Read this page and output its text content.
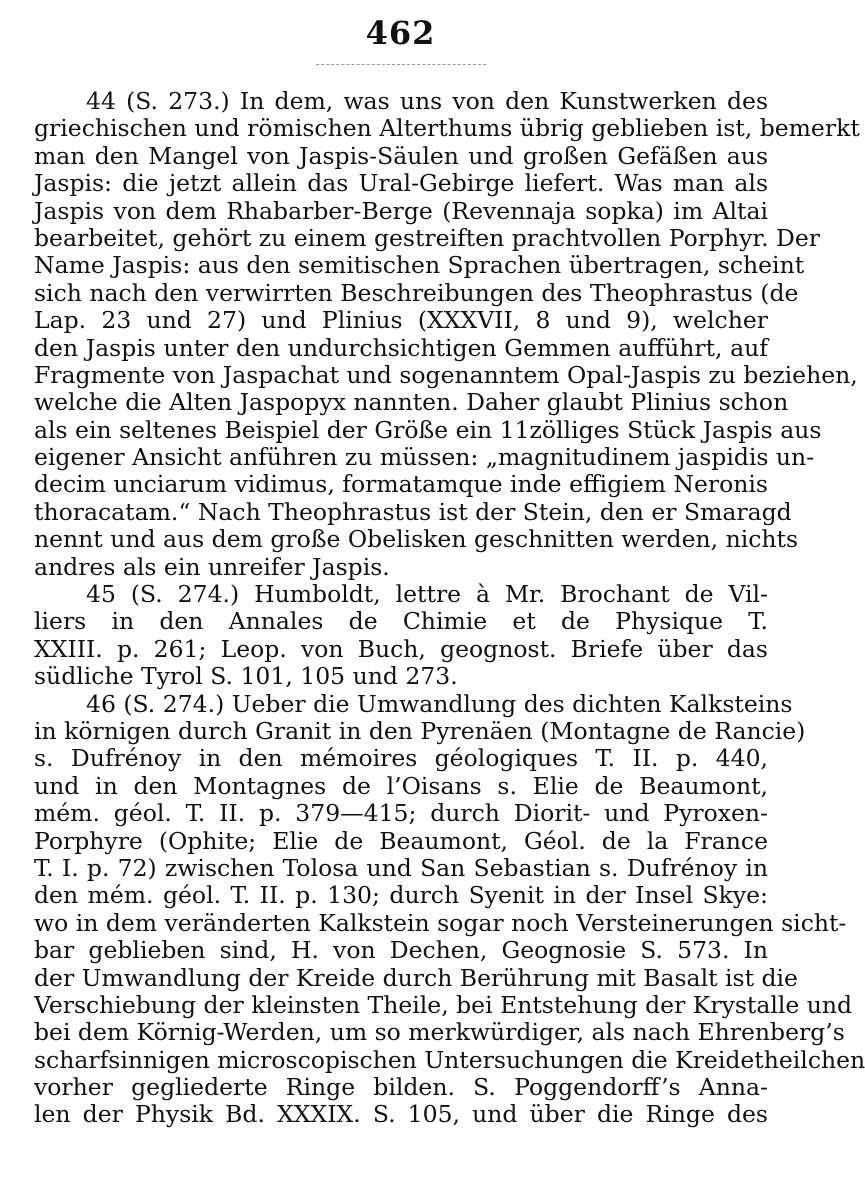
462
44 (S. 273.) In dem, was uns von den Kunstwerken des
griechischen und römischen Alterthums übrig geblieben ist, bemerkt
man den Mangel von Jaspis-Säulen und großen Gefäßen aus
Jaspis: die jetzt allein das Ural-Gebirge liefert. Was man als
Jaspis von dem Rhabarber-Berge (Revennaja sopka) im Altai
bearbeitet, gehört zu einem gestreiften prachtvollen Porphyr. Der
Name Jaspis: aus den semitischen Sprachen übertragen, scheint
sich nach den verwirrten Beschreibungen des Theophrastus (de
Lap. 23 und 27) und Plinius (XXXVII, 8 und 9), welcher
den Jaspis unter den undurchsichtigen Gemmen aufführt, auf
Fragmente von Jaspachat und sogenanntem Opal-Jaspis zu beziehen,
welche die Alten Jaspopyx nannten. Daher glaubt Plinius schon
als ein seltenes Beispiel der Größe ein 11zölliges Stück Jaspis aus
eigener Ansicht anführen zu müssen: „magnitudinem jaspidis un-
decim unciarum vidimus, formatamque inde effigiem Neronis
thoracatam.“ Nach Theophrastus ist der Stein, den er Smaragd
nennt und aus dem große Obelisken geschnitten werden, nichts
andres als ein unreifer Jaspis.
45 (S. 274.) Humboldt, lettre à Mr. Brochant de Vil-
liers in den Annales de Chimie et de Physique T.
XXIII. p. 261; Leop. von Buch, geognost. Briefe über das
südliche Tyrol S. 101, 105 und 273.
46 (S. 274.) Ueber die Umwandlung des dichten Kalksteins
in körnigen durch Granit in den Pyrenäen (Montagne de Rancie)
s. Dufrénoy in den mémoires géologiques T. II. p. 440,
und in den Montagnes de l’Oisans s. Elie de Beaumont,
mém. géol. T. II. p. 379—415; durch Diorit- und Pyroxen-
Porphyre (Ophite; Elie de Beaumont, Géol. de la France
T. I. p. 72) zwischen Tolosa und San Sebastian s. Dufrénoy in
den mém. géol. T. II. p. 130; durch Syenit in der Insel Skye:
wo in dem veränderten Kalkstein sogar noch Versteinerungen sicht-
bar geblieben sind, H. von Dechen, Geognosie S. 573. In
der Umwandlung der Kreide durch Berührung mit Basalt ist die
Verschiebung der kleinsten Theile, bei Entstehung der Krystalle und
bei dem Körnig-Werden, um so merkwürdiger, als nach Ehrenberg’s
scharfsinnigen microscopischen Untersuchungen die Kreidetheilchen
vorher gegliederte Ringe bilden. S. Poggendorff’s Anna-
len der Physik Bd. XXXIX. S. 105, und über die Ringe des
